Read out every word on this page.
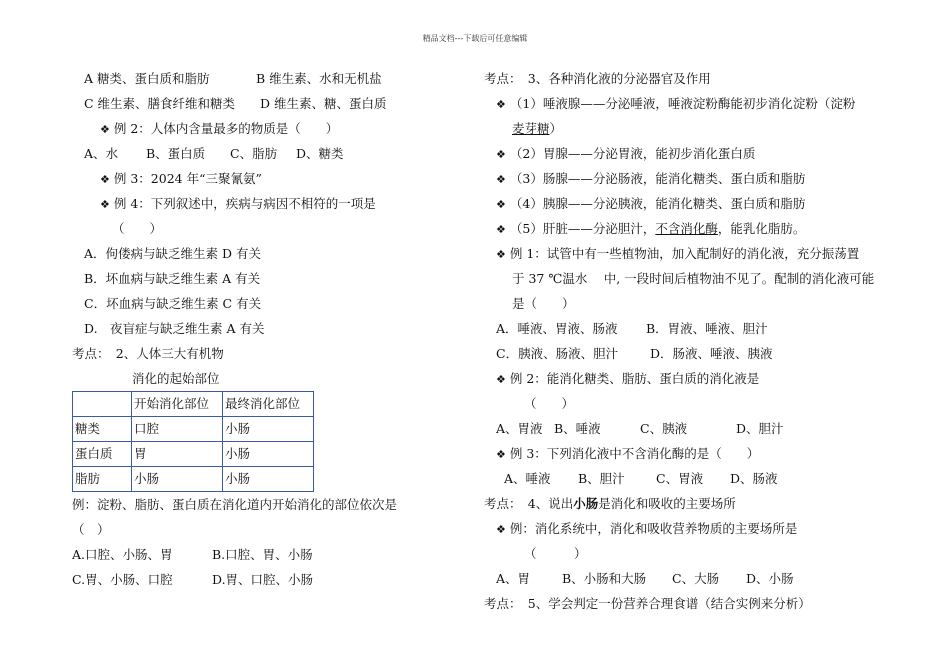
精品文档---下载后可任意编辑
A 糖类、蛋白质和脂肪	B 维生素、水和无机盐
C 维生素、膳食纤维和糖类 D 维生素、糖、蛋白质
❖ 例 2：人体内含量最多的物质是（　　）
A、水 B、蛋白质 C、脂肪 D、糖类
❖ 例 3：2024 年“三聚氰氨”
❖ 例 4：下列叙述中，疾病与病因不相符的一项是
（　　）
A．佝偻病与缺乏维生素 D 有关
B．坏血病与缺乏维生素 A 有关
C．坏血病与缺乏维生素 C 有关
D.　夜盲症与缺乏维生素 A 有关
考点：　2、人体三大有机物
消化的起始部位
	开始消化部位	最终消化部位
糖类	口腔	小肠
蛋白质	胃	小肠
脂肪	小肠	小肠
例：淀粉、脂肪、蛋白质在消化道内开始消化的部位依次是
（　）
A.口腔、小肠、胃	B.口腔、胃、小肠
C.胃、小肠、口腔	D.胃、口腔、小肠
考点：　3、各种消化液的分泌器官及作用
❖ （1）唾液腺——分泌唾液，唾液淀粉酶能初步消化淀粉（淀粉
麦芽糖）
❖ （2）胃腺——分泌胃液，能初步消化蛋白质
❖ （3）肠腺——分泌肠液，能消化糖类、蛋白质和脂肪
❖ （4）胰腺——分泌胰液，能消化糖类、蛋白质和脂肪
❖ （5）肝脏——分泌胆汁，不含消化酶，能乳化脂肪。
❖ 例 1：试管中有一些植物油，加入配制好的消化液，充分振荡置
于 37 ℃温水　 中, 一段时间后植物油不见了。配制的消化液可能
是（　　）
A．唾液、胃液、肠液 B．胃液、唾液、胆汁
C．胰液、肠液、胆汁	D．肠液、唾液、胰液
❖ 例 2：能消化糖类、脂肪、蛋白质的消化液是
（　　）
A、胃液 B、唾液	C、胰液	D、胆汁
❖ 例 3：下列消化液中不含消化酶的是（　　）
A、唾液 B、胆汁	C、胃液 D、肠液
考点：　4、说出小肠是消化和吸收的主要场所
❖ 例：消化系统中，消化和吸收营养物质的主要场所是
（　　　）
A、胃	B、小肠和大肠 C、大肠 D、小肠
考点：　5、学会判定一份营养合理食谱（结合实例来分析）
